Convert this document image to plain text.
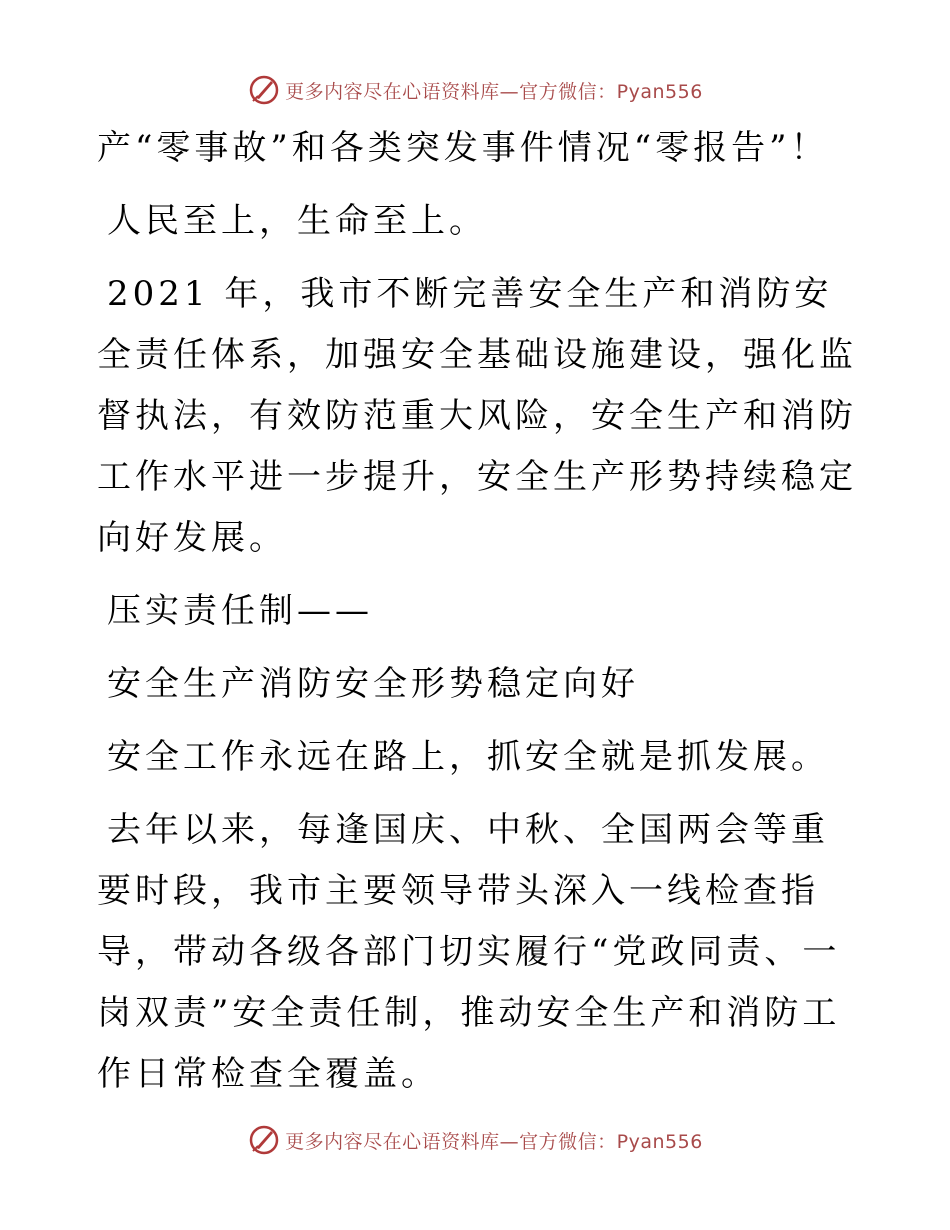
更多内容尽在心语资料库—官方微信：Pyan556

产“零事故”和各类突发事件情况“零报告”！

人民至上，生命至上。

2021 年，我市不断完善安全生产和消防安全责任体系，加强安全基础设施建设，强化监督执法，有效防范重大风险，安全生产和消防工作水平进一步提升，安全生产形势持续稳定向好发展。

压实责任制——

安全生产消防安全形势稳定向好

安全工作永远在路上，抓安全就是抓发展。

去年以来，每逢国庆、中秋、全国两会等重要时段，我市主要领导带头深入一线检查指导，带动各级各部门切实履行“党政同责、一岗双责”安全责任制，推动安全生产和消防工作日常检查全覆盖。

更多内容尽在心语资料库—官方微信：Pyan556
